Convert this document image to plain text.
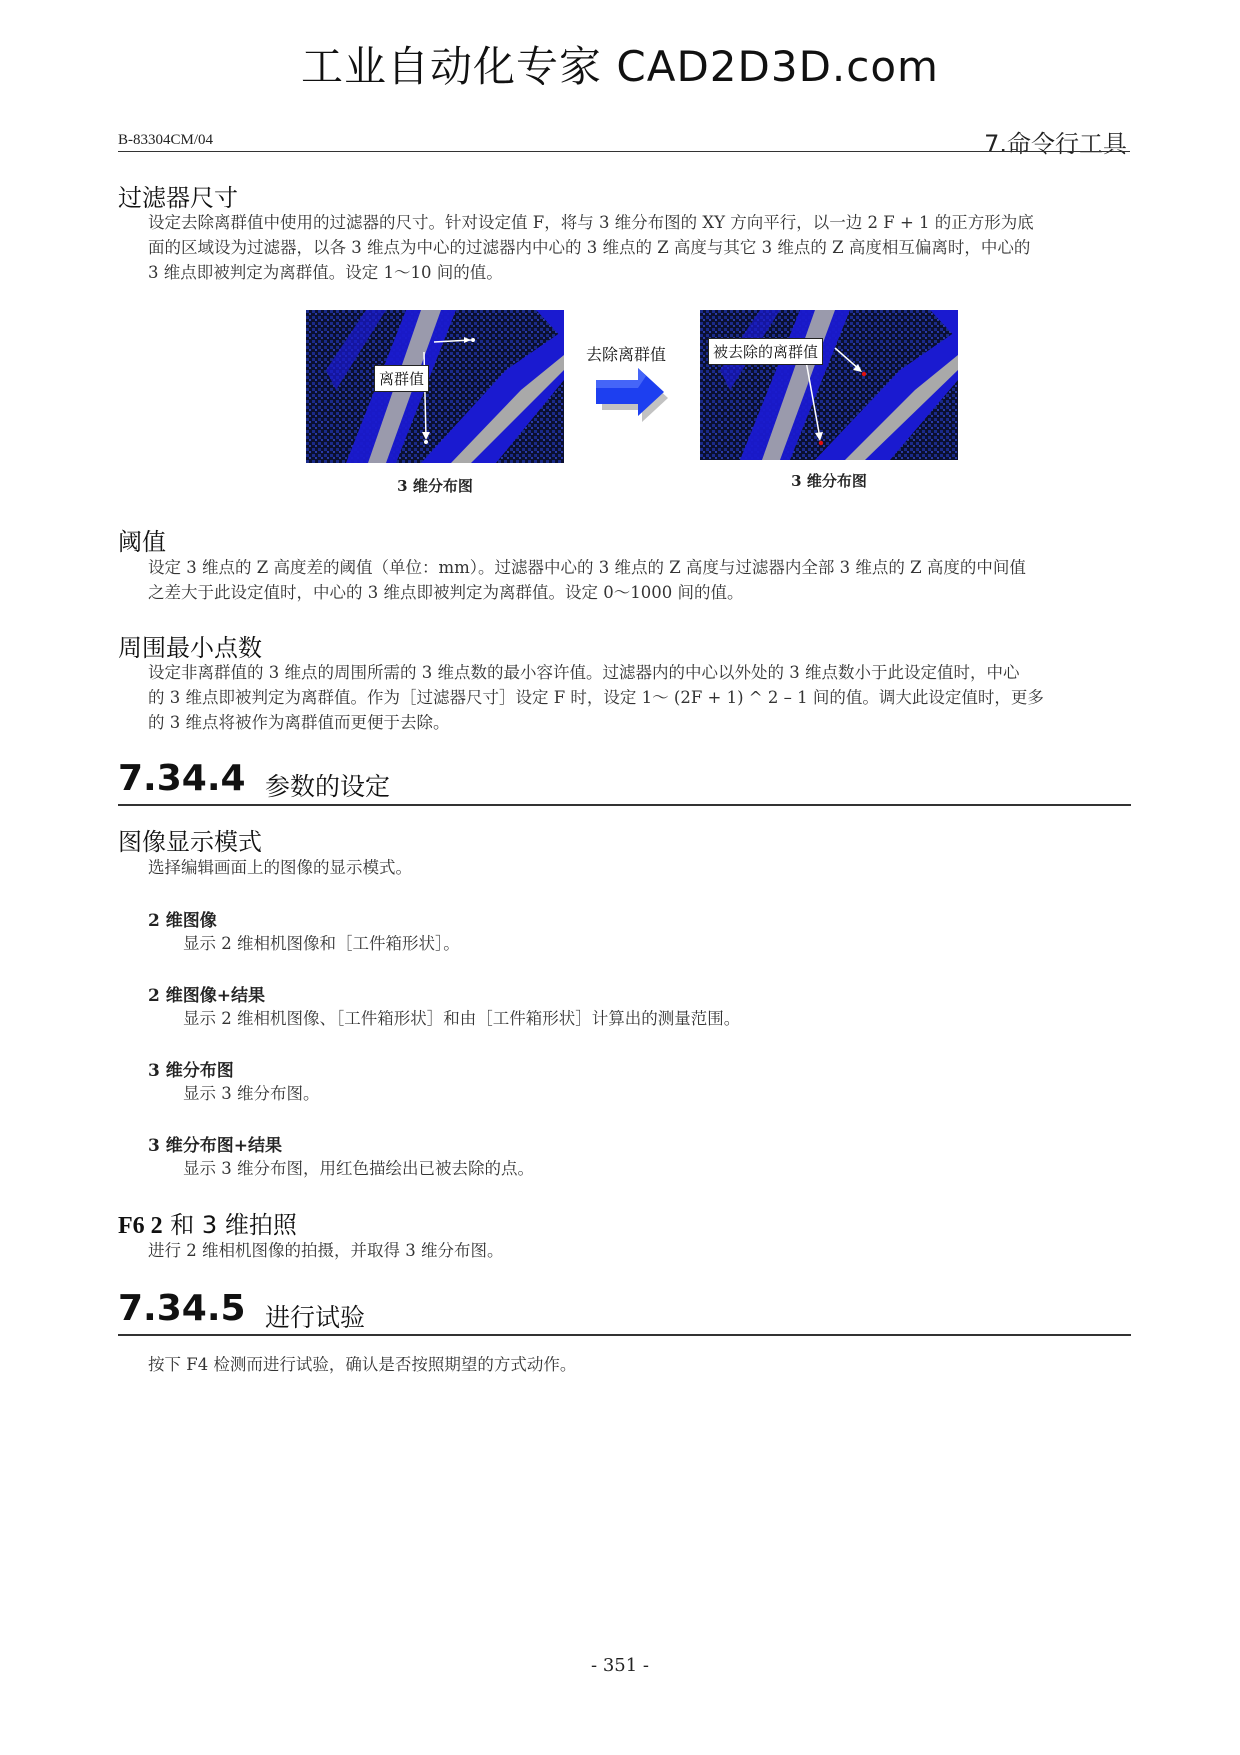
工业自动化专家 CAD2D3D.com
B-83304CM/04	7.命令行工具
过滤器尺寸
设定去除离群值中使用的过滤器的尺寸。针对设定值 F，将与 3 维分布图的 XY 方向平行，以一边 2 F + 1 的正方形为底
面的区域设为过滤器，以各 3 维点为中心的过滤器内中心的 3 维点的 Z 高度与其它 3 维点的 Z 高度相互偏离时，中心的
3 维点即被判定为离群值。设定 1～10 间的值。
离群值
3 维分布图
去除离群值	被去除的离群值
3 维分布图
阈值
设定 3 维点的 Z 高度差的阈值（单位：mm）。过滤器中心的 3 维点的 Z 高度与过滤器内全部 3 维点的 Z 高度的中间值
之差大于此设定值时，中心的 3 维点即被判定为离群值。设定 0～1000 间的值。
周围最小点数
设定非离群值的 3 维点的周围所需的 3 维点数的最小容许值。过滤器内的中心以外处的 3 维点数小于此设定值时，中心
的 3 维点即被判定为离群值。作为［过滤器尺寸］设定 F 时，设定 1～ (2F + 1) ^ 2 – 1 间的值。调大此设定值时，更多
的 3 维点将被作为离群值而更便于去除。
7.34.4 参数的设定
图像显示模式
选择编辑画面上的图像的显示模式。
2 维图像
显示 2 维相机图像和［工件箱形状］。
2 维图像+结果
显示 2 维相机图像、［工件箱形状］和由［工件箱形状］计算出的测量范围。
3 维分布图
显示 3 维分布图。
3 维分布图+结果
显示 3 维分布图，用红色描绘出已被去除的点。
F6 2 和 3 维拍照
进行 2 维相机图像的拍摄，并取得 3 维分布图。
7.34.5 进行试验
按下 F4 检测而进行试验，确认是否按照期望的方式动作。
- 351 -
